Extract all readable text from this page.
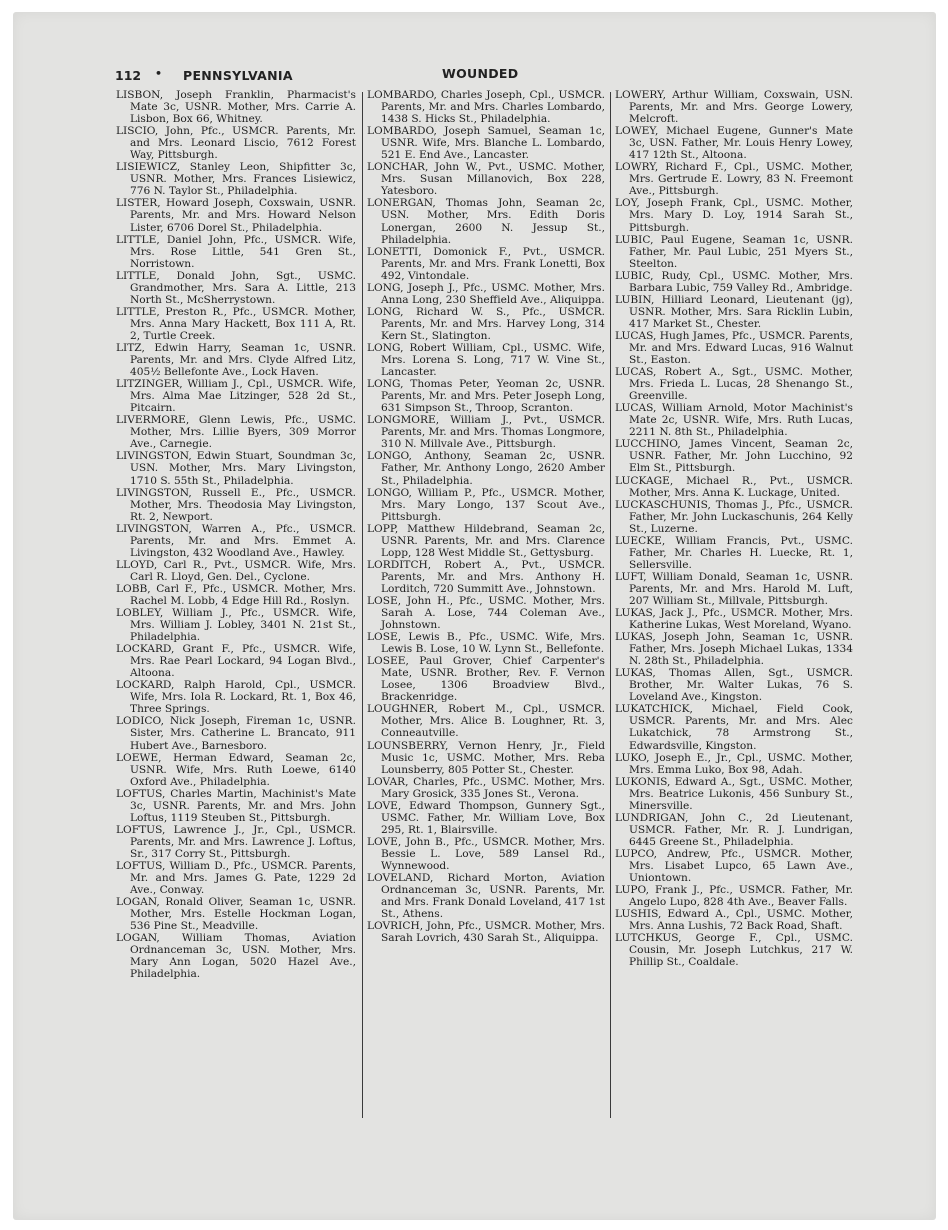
112 • PENNSYLVANIA	WOUNDED

LISBON, Joseph Franklin, Pharmacist's Mate 3c, USNR. Mother, Mrs. Carrie A. Lisbon, Box 66, Whitney.

LISCIO, John, Pfc., USMCR. Parents, Mr. and Mrs. Leonard Liscio, 7612 Forest Way, Pittsburgh.

LISIEWICZ, Stanley Leon, Shipfitter 3c, USNR. Mother, Mrs. Frances Lisiewicz, 776 N. Taylor St., Philadelphia.

LISTER, Howard Joseph, Coxswain, USNR. Parents, Mr. and Mrs. Howard Nelson Lister, 6706 Dorel St., Philadelphia.

LITTLE, Daniel John, Pfc., USMCR. Wife, Mrs. Rose Little, 541 Gren St., Norristown.

LITTLE, Donald John, Sgt., USMC. Grandmother, Mrs. Sara A. Little, 213 North St., McSherrystown.

LITTLE, Preston R., Pfc., USMCR. Mother, Mrs. Anna Mary Hackett, Box 111 A, Rt. 2, Turtle Creek.

LITZ, Edwin Harry, Seaman 1c, USNR. Parents, Mr. and Mrs. Clyde Alfred Litz, 405½ Bellefonte Ave., Lock Haven.

LITZINGER, William J., Cpl., USMCR. Wife, Mrs. Alma Mae Litzinger, 528 2d St., Pitcairn.

LIVERMORE, Glenn Lewis, Pfc., USMC. Mother, Mrs. Lillie Byers, 309 Morror Ave., Carnegie.

LIVINGSTON, Edwin Stuart, Soundman 3c, USN. Mother, Mrs. Mary Livingston, 1710 S. 55th St., Philadelphia.

LIVINGSTON, Russell E., Pfc., USMCR. Mother, Mrs. Theodosia May Livingston, Rt. 2, Newport.

LIVINGSTON, Warren A., Pfc., USMCR. Parents, Mr. and Mrs. Emmet A. Livingston, 432 Woodland Ave., Hawley.

LLOYD, Carl R., Pvt., USMCR. Wife, Mrs. Carl R. Lloyd, Gen. Del., Cyclone.

LOBB, Carl F., Pfc., USMCR. Mother, Mrs. Rachel M. Lobb, 4 Edge Hill Rd., Roslyn.

LOBLEY, William J., Pfc., USMCR. Wife, Mrs. William J. Lobley, 3401 N. 21st St., Philadelphia.

LOCKARD, Grant F., Pfc., USMCR. Wife, Mrs. Rae Pearl Lockard, 94 Logan Blvd., Altoona.

LOCKARD, Ralph Harold, Cpl., USMCR. Wife, Mrs. Iola R. Lockard, Rt. 1, Box 46, Three Springs.

LODICO, Nick Joseph, Fireman 1c, USNR. Sister, Mrs. Catherine L. Brancato, 911 Hubert Ave., Barnesboro.

LOEWE, Herman Edward, Seaman 2c, USNR. Wife, Mrs. Ruth Loewe, 6140 Oxford Ave., Philadelphia.

LOFTUS, Charles Martin, Machinist's Mate 3c, USNR. Parents, Mr. and Mrs. John Loftus, 1119 Steuben St., Pittsburgh.

LOFTUS, Lawrence J., Jr., Cpl., USMCR. Parents, Mr. and Mrs. Lawrence J. Loftus, Sr., 317 Corry St., Pittsburgh.

LOFTUS, William D., Pfc., USMCR. Parents, Mr. and Mrs. James G. Pate, 1229 2d Ave., Conway.

LOGAN, Ronald Oliver, Seaman 1c, USNR. Mother, Mrs. Estelle Hockman Logan, 536 Pine St., Meadville.

LOGAN, William Thomas, Aviation Ordnanceman 3c, USN. Mother, Mrs. Mary Ann Logan, 5020 Hazel Ave., Philadelphia.

LOMBARDO, Charles Joseph, Cpl., USMCR. Parents, Mr. and Mrs. Charles Lombardo, 1438 S. Hicks St., Philadelphia.

LOMBARDO, Joseph Samuel, Seaman 1c, USNR. Wife, Mrs. Blanche L. Lombardo, 521 E. End Ave., Lancaster.

LONCHAR, John W., Pvt., USMC. Mother, Mrs. Susan Millanovich, Box 228, Yatesboro.

LONERGAN, Thomas John, Seaman 2c, USN. Mother, Mrs. Edith Doris Lonergan, 2600 N. Jessup St., Philadelphia.

LONETTI, Domonick F., Pvt., USMCR. Parents, Mr. and Mrs. Frank Lonetti, Box 492, Vintondale.

LONG, Joseph J., Pfc., USMC. Mother, Mrs. Anna Long, 230 Sheffield Ave., Aliquippa.

LONG, Richard W. S., Pfc., USMCR. Parents, Mr. and Mrs. Harvey Long, 314 Kern St., Slatington.

LONG, Robert William, Cpl., USMC. Wife, Mrs. Lorena S. Long, 717 W. Vine St., Lancaster.

LONG, Thomas Peter, Yeoman 2c, USNR. Parents, Mr. and Mrs. Peter Joseph Long, 631 Simpson St., Throop, Scranton.

LONGMORE, William J., Pvt., USMCR. Parents, Mr. and Mrs. Thomas Longmore, 310 N. Millvale Ave., Pittsburgh.

LONGO, Anthony, Seaman 2c, USNR. Father, Mr. Anthony Longo, 2620 Amber St., Philadelphia.

LONGO, William P., Pfc., USMCR. Mother, Mrs. Mary Longo, 137 Scout Ave., Pittsburgh.

LOPP, Matthew Hildebrand, Seaman 2c, USNR. Parents, Mr. and Mrs. Clarence Lopp, 128 West Middle St., Gettysburg.

LORDITCH, Robert A., Pvt., USMCR. Parents, Mr. and Mrs. Anthony H. Lorditch, 720 Summitt Ave., Johnstown.

LOSE, John H., Pfc., USMC. Mother, Mrs. Sarah A. Lose, 744 Coleman Ave., Johnstown.

LOSE, Lewis B., Pfc., USMC. Wife, Mrs. Lewis B. Lose, 10 W. Lynn St., Bellefonte.

LOSEE, Paul Grover, Chief Carpenter's Mate, USNR. Brother, Rev. F. Vernon Losee, 1306 Broadview Blvd., Brackenridge.

LOUGHNER, Robert M., Cpl., USMCR. Mother, Mrs. Alice B. Loughner, Rt. 3, Conneautville.

LOUNSBERRY, Vernon Henry, Jr., Field Music 1c, USMC. Mother, Mrs. Reba Lounsberry, 805 Potter St., Chester.

LOVAR, Charles, Pfc., USMC. Mother, Mrs. Mary Grosick, 335 Jones St., Verona.

LOVE, Edward Thompson, Gunnery Sgt., USMC. Father, Mr. William Love, Box 295, Rt. 1, Blairsville.

LOVE, John B., Pfc., USMCR. Mother, Mrs. Bessie L. Love, 589 Lansel Rd., Wynnewood.

LOVELAND, Richard Morton, Aviation Ordnanceman 3c, USNR. Parents, Mr. and Mrs. Frank Donald Loveland, 417 1st St., Athens.

LOVRICH, John, Pfc., USMCR. Mother, Mrs. Sarah Lovrich, 430 Sarah St., Aliquippa.

LOWERY, Arthur William, Coxswain, USN. Parents, Mr. and Mrs. George Lowery, Melcroft.

LOWEY, Michael Eugene, Gunner's Mate 3c, USN. Father, Mr. Louis Henry Lowey, 417 12th St., Altoona.

LOWRY, Richard F., Cpl., USMC. Mother, Mrs. Gertrude E. Lowry, 83 N. Freemont Ave., Pittsburgh.

LOY, Joseph Frank, Cpl., USMC. Mother, Mrs. Mary D. Loy, 1914 Sarah St., Pittsburgh.

LUBIC, Paul Eugene, Seaman 1c, USNR. Father, Mr. Paul Lubic, 251 Myers St., Steelton.

LUBIC, Rudy, Cpl., USMC. Mother, Mrs. Barbara Lubic, 759 Valley Rd., Ambridge.

LUBIN, Hilliard Leonard, Lieutenant (jg), USNR. Mother, Mrs. Sara Ricklin Lubin, 417 Market St., Chester.

LUCAS, Hugh James, Pfc., USMCR. Parents, Mr. and Mrs. Edward Lucas, 916 Walnut St., Easton.

LUCAS, Robert A., Sgt., USMC. Mother, Mrs. Frieda L. Lucas, 28 Shenango St., Greenville.

LUCAS, William Arnold, Motor Machinist's Mate 2c, USNR. Wife, Mrs. Ruth Lucas, 2211 N. 8th St., Philadelphia.

LUCCHINO, James Vincent, Seaman 2c, USNR. Father, Mr. John Lucchino, 92 Elm St., Pittsburgh.

LUCKAGE, Michael R., Pvt., USMCR. Mother, Mrs. Anna K. Luckage, United.

LUCKASCHUNIS, Thomas J., Pfc., USMCR. Father, Mr. John Luckaschunis, 264 Kelly St., Luzerne.

LUECKE, William Francis, Pvt., USMC. Father, Mr. Charles H. Luecke, Rt. 1, Sellersville.

LUFT, William Donald, Seaman 1c, USNR. Parents, Mr. and Mrs. Harold M. Luft, 207 William St., Millvale, Pittsburgh.

LUKAS, Jack J., Pfc., USMCR. Mother, Mrs. Katherine Lukas, West Moreland, Wyano.

LUKAS, Joseph John, Seaman 1c, USNR. Father, Mrs. Joseph Michael Lukas, 1334 N. 28th St., Philadelphia.

LUKAS, Thomas Allen, Sgt., USMCR. Brother, Mr. Walter Lukas, 76 S. Loveland Ave., Kingston.

LUKATCHICK, Michael, Field Cook, USMCR. Parents, Mr. and Mrs. Alec Lukatchick, 78 Armstrong St., Edwardsville, Kingston.

LUKO, Joseph E., Jr., Cpl., USMC. Mother, Mrs. Emma Luko, Box 98, Adah.

LUKONIS, Edward A., Sgt., USMC. Mother, Mrs. Beatrice Lukonis, 456 Sunbury St., Minersville.

LUNDRIGAN, John C., 2d Lieutenant, USMCR. Father, Mr. R. J. Lundrigan, 6445 Greene St., Philadelphia.

LUPCO, Andrew, Pfc., USMCR. Mother, Mrs. Lisabet Lupco, 65 Lawn Ave., Uniontown.

LUPO, Frank J., Pfc., USMCR. Father, Mr. Angelo Lupo, 828 4th Ave., Beaver Falls.

LUSHIS, Edward A., Cpl., USMC. Mother, Mrs. Anna Lushis, 72 Back Road, Shaft.

LUTCHKUS, George F., Cpl., USMC. Cousin, Mr. Joseph Lutchkus, 217 W. Phillip St., Coaldale.
